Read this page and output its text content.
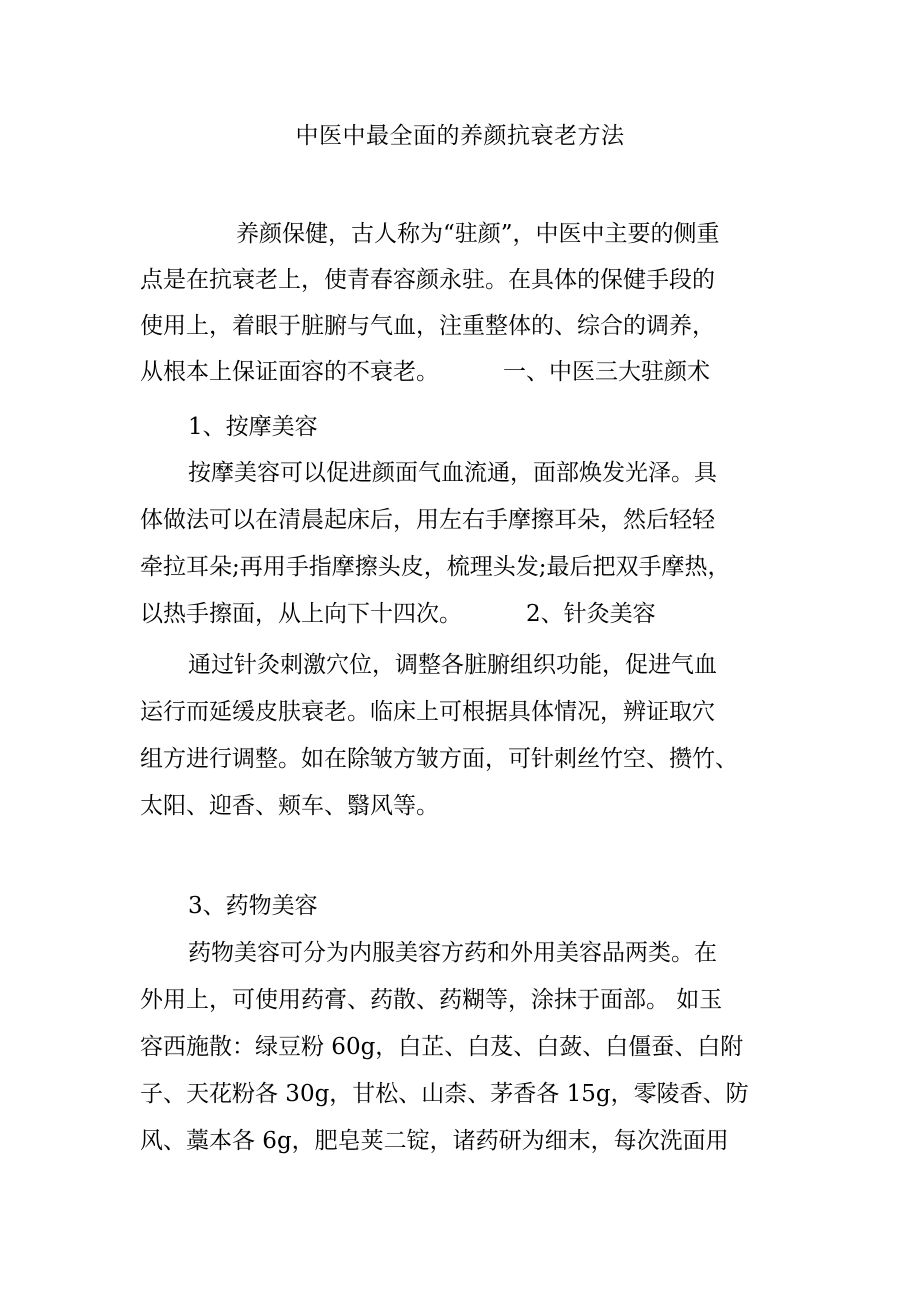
中医中最全面的养颜抗衰老方法
养颜保健，古人称为“驻颜”，中医中主要的侧重
点是在抗衰老上，使青春容颜永驻。在具体的保健手段的
使用上，着眼于脏腑与气血，注重整体的、综合的调养，
从根本上保证面容的不衰老。	一、中医三大驻颜术
1、按摩美容
按摩美容可以促进颜面气血流通，面部焕发光泽。具
体做法可以在清晨起床后，用左右手摩擦耳朵，然后轻轻
牵拉耳朵;再用手指摩擦头皮，梳理头发;最后把双手摩热，
以热手擦面，从上向下十四次。	2、针灸美容
通过针灸刺激穴位，调整各脏腑组织功能，促进气血
运行而延缓皮肤衰老。临床上可根据具体情况，辨证取穴
组方进行调整。如在除皱方皱方面，可针刺丝竹空、攒竹、
太阳、迎香、颊车、翳风等。
3、药物美容
药物美容可分为内服美容方药和外用美容品两类。在
外用上，可使用药膏、药散、药糊等，涂抹于面部。 如玉
容西施散：绿豆粉 60g，白芷、白芨、白蔹、白僵蚕、白附
子、天花粉各 30g，甘松、山柰、茅香各 15g，零陵香、防
风、藁本各 6g，肥皂荚二锭，诸药研为细末，每次洗面用
